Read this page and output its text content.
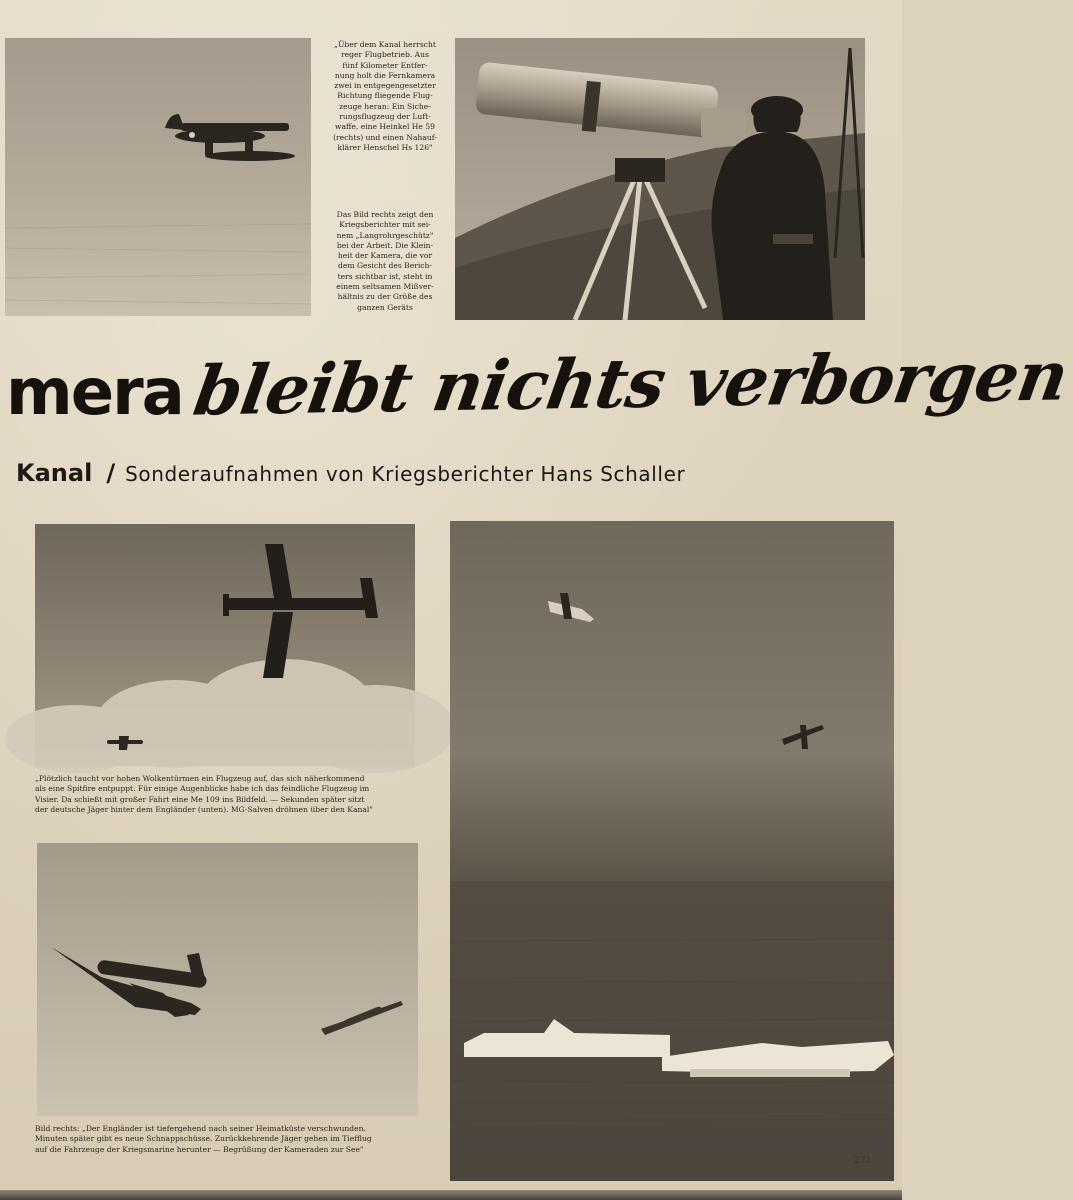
„Über dem Kanal herrscht
reger Flugbetrieb. Aus
fünf Kilometer Entfer-
nung holt die Fernkamera
zwei in entgegengesetzter
Richtung fliegende Flug-
zeuge heran: Ein Siche-
rungsflugzeug der Luft-
waffe, eine Heinkel He 59
(rechts) und einen Nahauf-
klärer Henschel Hs 126"
Das Bild rechts zeigt den
Kriegsberichter mit sei-
nem „Langrohrgeschütz"
bei der Arbeit. Die Klein-
heit der Kamera, die vor
dem Gesicht des Berich-
ters sichtbar ist, steht in
einem seltsamen Mißver-
hältnis zu der Größe des
ganzen Geräts
mera bleibt nichts verborgen
Kanal / Sonderaufnahmen von Kriegsberichter Hans Schaller
„Plötzlich taucht vor hohen Wolkentürmen ein Flugzeug auf, das sich näherkommend
als eine Spitfire entpuppt. Für einige Augenblicke habe ich das feindliche Flugzeug im
Visier. Da schießt mit großer Fahrt eine Me 109 ins Bildfeld. — Sekunden später sitzt
der deutsche Jäger hinter dem Engländer (unten). MG-Salven dröhnen über den Kanal"
Bild rechts: „Der Engländer ist tiefergehend nach seiner Heimatküste verschwunden.
Minuten später gibt es neue Schnappschüsse. Zurückkehrende Jäger gehen im Tiefflug
auf die Fahrzeuge der Kriegsmarine herunter — Begrüßung der Kameraden zur See"
271
